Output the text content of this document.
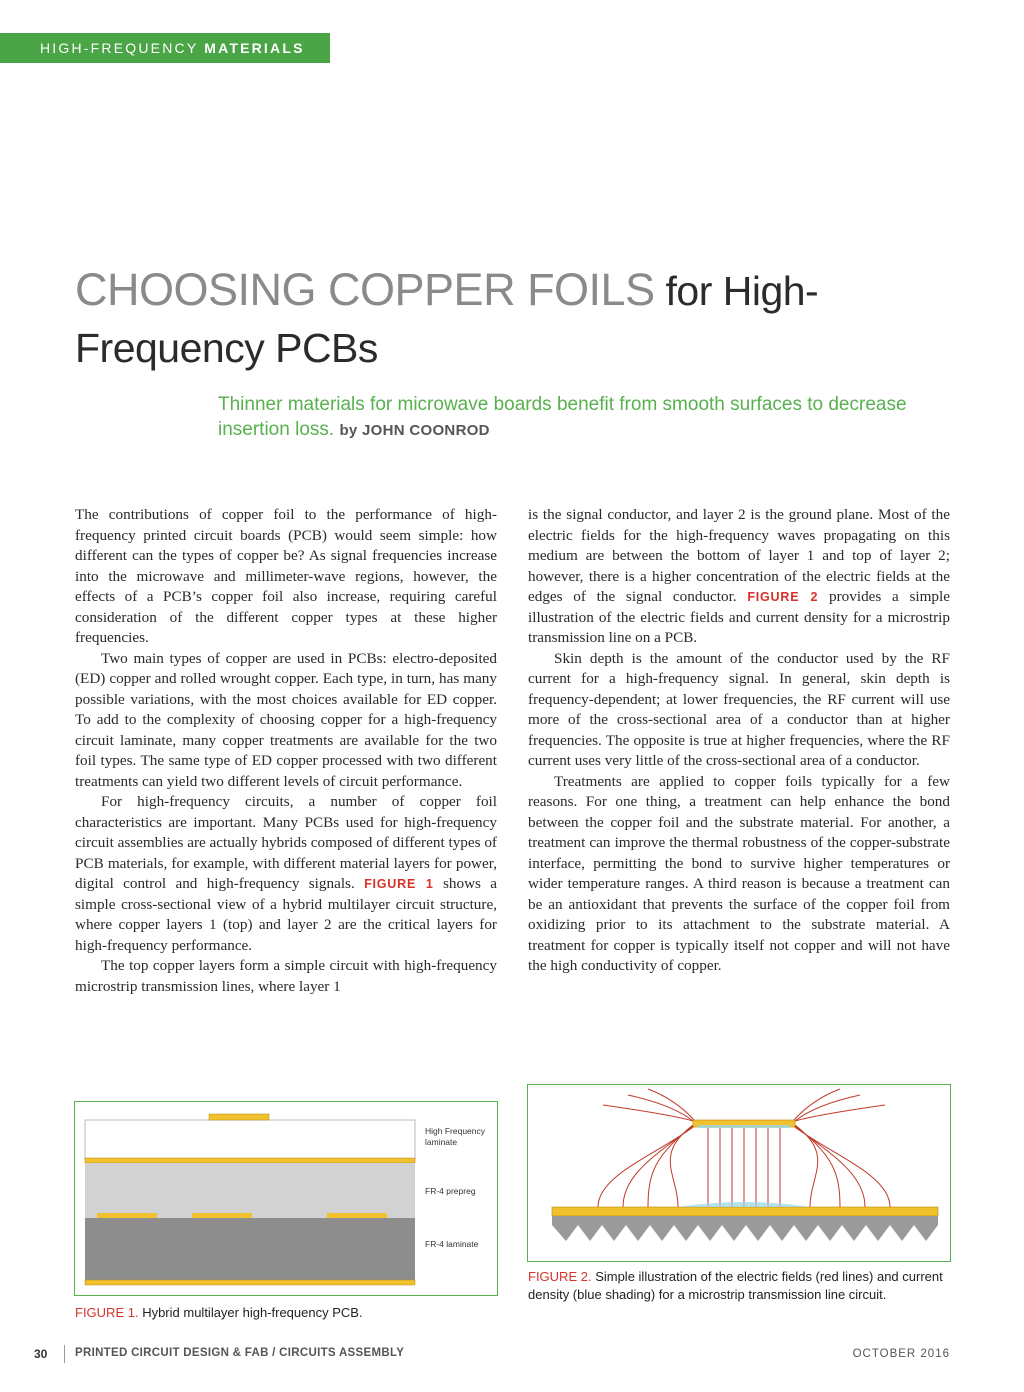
HIGH-FREQUENCY MATERIALS
CHOOSING COPPER FOILS for High-
Frequency PCBs
Thinner materials for microwave boards benefit from smooth surfaces to decrease insertion loss. by JOHN COONROD

The contributions of copper foil to the performance of high-frequency printed circuit boards (PCB) would seem simple: how different can the types of copper be? As signal frequencies increase into the microwave and millimeter-wave regions, however, the effects of a PCB’s copper foil also increase, requiring careful consideration of the different copper types at these higher frequencies.

Two main types of copper are used in PCBs: electro-deposited (ED) copper and rolled wrought copper. Each type, in turn, has many possible variations, with the most choices available for ED copper. To add to the complexity of choosing copper for a high-frequency circuit laminate, many copper treatments are available for the two foil types. The same type of ED copper processed with two different treatments can yield two different levels of circuit performance.

For high-frequency circuits, a number of copper foil characteristics are important. Many PCBs used for high-frequency circuit assemblies are actually hybrids composed of different types of PCB materials, for example, with different material layers for power, digital control and high-frequency signals. FIGURE 1 shows a simple cross-sectional view of a hybrid multilayer circuit structure, where copper layers 1 (top) and layer 2 are the critical layers for high-frequency performance.

The top copper layers form a simple circuit with high-frequency microstrip transmission lines, where layer 1

is the signal conductor, and layer 2 is the ground plane. Most of the electric fields for the high-frequency waves propagating on this medium are between the bottom of layer 1 and top of layer 2; however, there is a higher concentration of the electric fields at the edges of the signal conductor. FIGURE 2 provides a simple illustration of the electric fields and current density for a microstrip transmission line on a PCB.

Skin depth is the amount of the conductor used by the RF current for a high-frequency signal. In general, skin depth is frequency-dependent; at lower frequencies, the RF current will use more of the cross-sectional area of a conductor than at higher frequencies. The opposite is true at higher frequencies, where the RF current uses very little of the cross-sectional area of a conductor.

Treatments are applied to copper foils typically for a few reasons. For one thing, a treatment can help enhance the bond between the copper foil and the substrate material. For another, a treatment can improve the thermal robustness of the copper-substrate interface, permitting the bond to survive higher temperatures or wider temperature ranges. A third reason is because a treatment can be an antioxidant that prevents the surface of the copper foil from oxidizing prior to its attachment to the substrate material. A treatment for copper is typically itself not copper and will not have the high conductivity of copper.

High Frequency
laminate
FR-4 prepreg
FR-4 laminate
FIGURE 1. Hybrid multilayer high-frequency PCB.
FIGURE 2. Simple illustration of the electric fields (red lines) and current density (blue shading) for a microstrip transmission line circuit.
30 PRINTED CIRCUIT DESIGN & FAB / CIRCUITS ASSEMBLY	OCTOBER 2016
